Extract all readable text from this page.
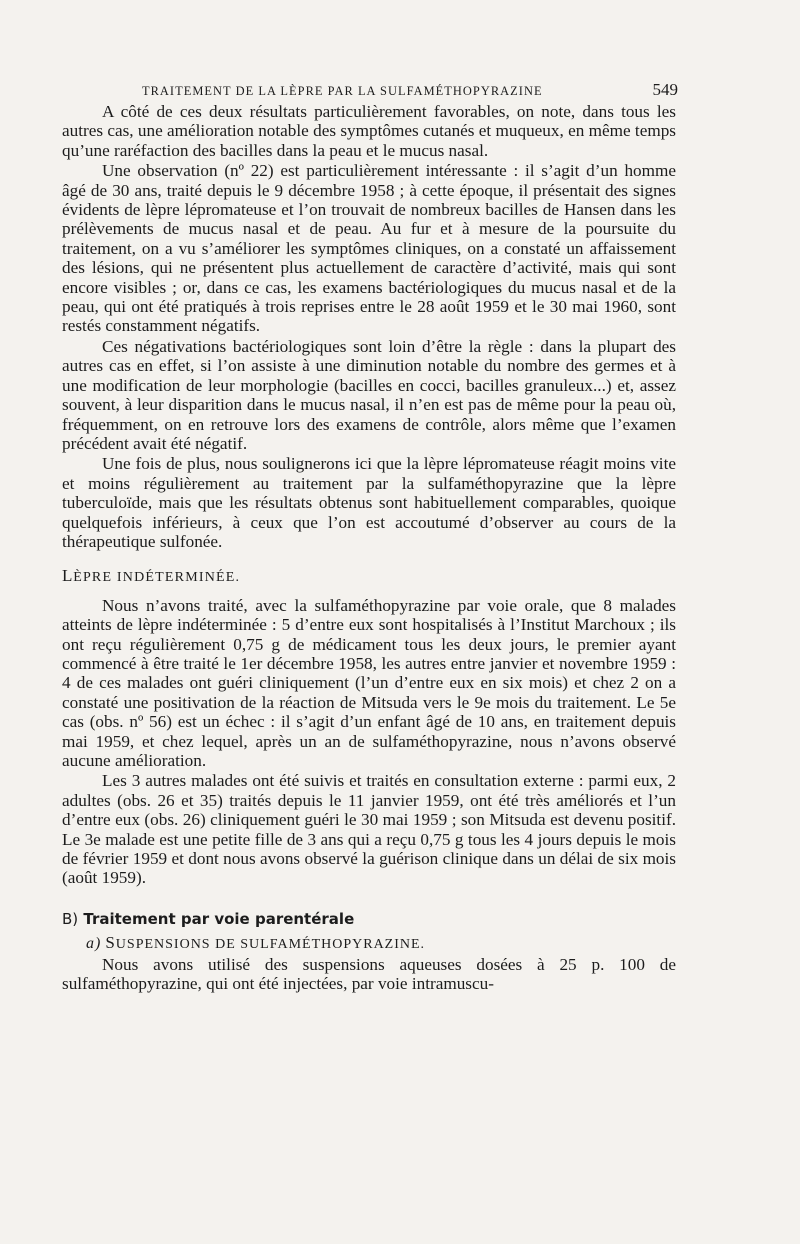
TRAITEMENT DE LA LÈPRE PAR LA SULFAMÉTHOPYRAZINE	549

A côté de ces deux résultats particulièrement favorables, on note, dans tous les autres cas, une amélioration notable des symptômes cutanés et muqueux, en même temps qu’une raréfaction des bacilles dans la peau et le mucus nasal.

Une observation (nº 22) est particulièrement intéressante : il s’agit d’un homme âgé de 30 ans, traité depuis le 9 décembre 1958 ; à cette époque, il présentait des signes évidents de lèpre lépromateuse et l’on trouvait de nombreux bacilles de Hansen dans les prélèvements de mucus nasal et de peau. Au fur et à mesure de la poursuite du traitement, on a vu s’améliorer les symptômes cliniques, on a constaté un affaissement des lésions, qui ne présentent plus actuellement de caractère d’activité, mais qui sont encore visibles ; or, dans ce cas, les examens bactériologiques du mucus nasal et de la peau, qui ont été pratiqués à trois reprises entre le 28 août 1959 et le 30 mai 1960, sont restés constamment négatifs.

Ces négativations bactériologiques sont loin d’être la règle : dans la plupart des autres cas en effet, si l’on assiste à une diminution notable du nombre des germes et à une modification de leur morphologie (bacilles en cocci, bacilles granuleux...) et, assez souvent, à leur disparition dans le mucus nasal, il n’en est pas de même pour la peau où, fréquemment, on en retrouve lors des examens de contrôle, alors même que l’examen précédent avait été négatif.

Une fois de plus, nous soulignerons ici que la lèpre lépromateuse réagit moins vite et moins régulièrement au traitement par la sulfaméthopyrazine que la lèpre tuberculoïde, mais que les résultats obtenus sont habituellement comparables, quoique quelquefois inférieurs, à ceux que l’on est accoutumé d’observer au cours de la thérapeutique sulfonée.

LÈPRE INDÉTERMINÉE.

Nous n’avons traité, avec la sulfaméthopyrazine par voie orale, que 8 malades atteints de lèpre indéterminée : 5 d’entre eux sont hospitalisés à l’Institut Marchoux ; ils ont reçu régulièrement 0,75 g de médicament tous les deux jours, le premier ayant commencé à être traité le 1er décembre 1958, les autres entre janvier et novembre 1959 : 4 de ces malades ont guéri cliniquement (l’un d’entre eux en six mois) et chez 2 on a constaté une positivation de la réaction de Mitsuda vers le 9e mois du traitement. Le 5e cas (obs. nº 56) est un échec : il s’agit d’un enfant âgé de 10 ans, en traitement depuis mai 1959, et chez lequel, après un an de sulfaméthopyrazine, nous n’avons observé aucune amélioration.

Les 3 autres malades ont été suivis et traités en consultation externe : parmi eux, 2 adultes (obs. 26 et 35) traités depuis le 11 janvier 1959, ont été très améliorés et l’un d’entre eux (obs. 26) cliniquement guéri le 30 mai 1959 ; son Mitsuda est devenu positif. Le 3e malade est une petite fille de 3 ans qui a reçu 0,75 g tous les 4 jours depuis le mois de février 1959 et dont nous avons observé la guérison clinique dans un délai de six mois (août 1959).

B) Traitement par voie parentérale
a) SUSPENSIONS DE SULFAMÉTHOPYRAZINE.

Nous avons utilisé des suspensions aqueuses dosées à 25 p. 100 de sulfaméthopyrazine, qui ont été injectées, par voie intramuscu-
